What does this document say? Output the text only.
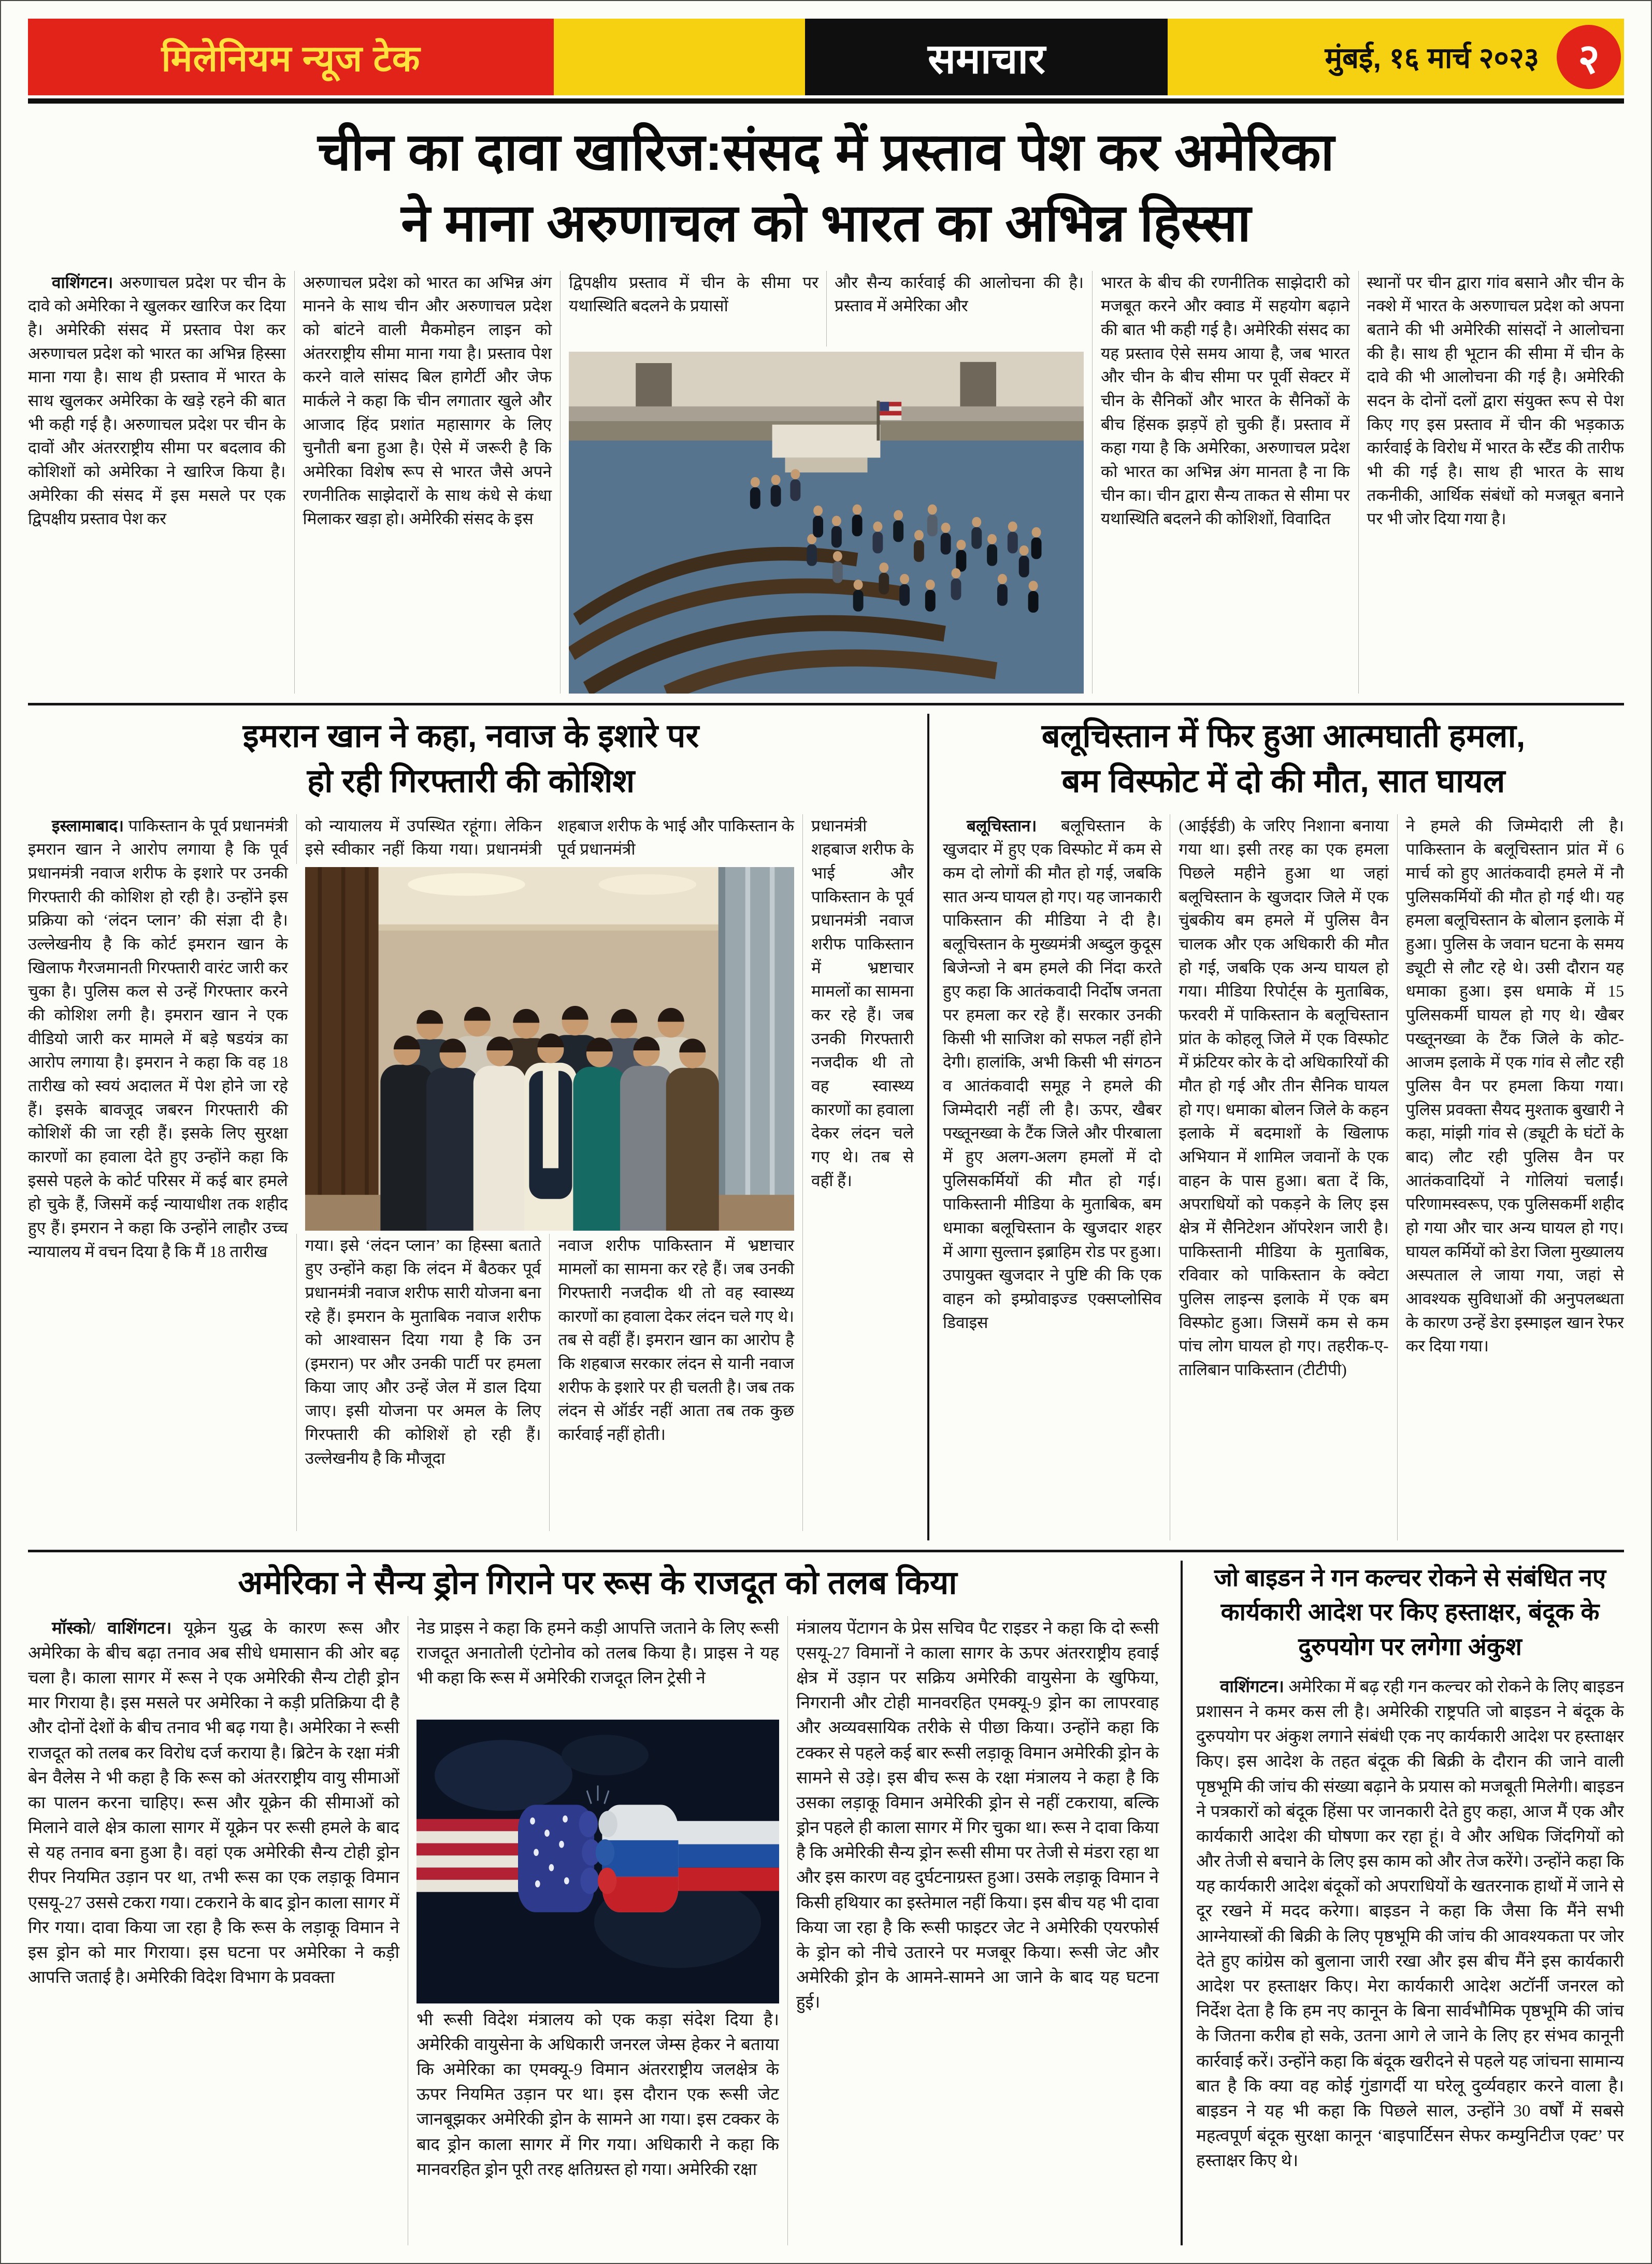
मिलेनियम न्यूज टेक	समाचार	मुंबई, १६ मार्च २०२३ २
चीन का दावा खारिज:संसद में प्रस्ताव पेश कर अमेरिका
ने माना अरुणाचल को भारत का अभिन्न हिस्सा

वाशिंगटन। अरुणाचल प्रदेश पर चीन के दावे को अमेरिका ने खुलकर खारिज कर दिया है। अमेरिकी संसद में प्रस्ताव पेश कर अरुणाचल प्रदेश को भारत का अभिन्न हिस्सा माना गया है। साथ ही प्रस्ताव में भारत के साथ खुलकर अमेरिका के खड़े रहने की बात भी कही गई है। अरुणाचल प्रदेश पर चीन के दावों और अंतरराष्ट्रीय सीमा पर बदलाव की कोशिशों को अमेरिका ने खारिज किया है। अमेरिका की संसद में इस मसले पर एक द्विपक्षीय प्रस्ताव पेश कर

अरुणाचल प्रदेश को भारत का अभिन्न अंग मानने के साथ चीन और अरुणाचल प्रदेश को बांटने वाली मैकमोहन लाइन को अंतरराष्ट्रीय सीमा माना गया है। प्रस्ताव पेश करने वाले सांसद बिल हागेर्टी और जेफ मार्कले ने कहा कि चीन लगातार खुले और आजाद हिंद प्रशांत महासागर के लिए चुनौती बना हुआ है। ऐसे में जरूरी है कि अमेरिका विशेष रूप से भारत जैसे अपने रणनीतिक साझेदारों के साथ कंधे से कंधा मिलाकर खड़ा हो। अमेरिकी संसद के इस
द्विपक्षीय प्रस्ताव में चीन के सीमा पर यथास्थिति बदलने के प्रयासों
और सैन्य कार्रवाई की आलोचना की है। प्रस्ताव में अमेरिका और
भारत के बीच की रणनीतिक साझेदारी को मजबूत करने और क्वाड में सहयोग बढ़ाने की बात भी कही गई है। अमेरिकी संसद का यह प्रस्ताव ऐसे समय आया है, जब भारत और चीन के बीच सीमा पर पूर्वी सेक्टर में चीन के सैनिकों और भारत के सैनिकों के बीच हिंसक झड़पें हो चुकी हैं। प्रस्ताव में कहा गया है कि अमेरिका, अरुणाचल प्रदेश को भारत का अभिन्न अंग मानता है ना कि चीन का। चीन द्वारा सैन्य ताकत से सीमा पर यथास्थिति बदलने की कोशिशों, विवादित
स्थानों पर चीन द्वारा गांव बसाने और चीन के नक्शे में भारत के अरुणाचल प्रदेश को अपना बताने की भी अमेरिकी सांसदों ने आलोचना की है। साथ ही भूटान की सीमा में चीन के दावे की भी आलोचना की गई है। अमेरिकी सदन के दोनों दलों द्वारा संयुक्त रूप से पेश किए गए इस प्रस्ताव में चीन की भड़काऊ कार्रवाई के विरोध में भारत के स्टैंड की तारीफ भी की गई है। साथ ही भारत के साथ तकनीकी, आर्थिक संबंधों को मजबूत बनाने पर भी जोर दिया गया है।
इमरान खान ने कहा, नवाज के इशारे पर
हो रही गिरफ्तारी की कोशिश

इस्लामाबाद। पाकिस्तान के पूर्व प्रधानमंत्री इमरान खान ने आरोप लगाया है कि पूर्व प्रधानमंत्री नवाज शरीफ के इशारे पर उनकी गिरफ्तारी की कोशिश हो रही है। उन्होंने इस प्रक्रिया को ‘लंदन प्लान’ की संज्ञा दी है। उल्लेखनीय है कि कोर्ट इमरान खान के खिलाफ गैरजमानती गिरफ्तारी वारंट जारी कर चुका है। पुलिस कल से उन्हें गिरफ्तार करने की कोशिश लगी है। इमरान खान ने एक वीडियो जारी कर मामले में बड़े षडयंत्र का आरोप लगाया है। इमरान ने कहा कि वह 18 तारीख को स्वयं अदालत में पेश होने जा रहे हैं। इसके बावजूद जबरन गिरफ्तारी की कोशिशें की जा रही हैं। इसके लिए सुरक्षा कारणों का हवाला देते हुए उन्होंने कहा कि इससे पहले के कोर्ट परिसर में कई बार हमले हो चुके हैं, जिसमें कई न्यायाधीश तक शहीद हुए हैं। इमरान ने कहा कि उन्होंने लाहौर उच्च न्यायालय में वचन दिया है कि मैं 18 तारीख

को न्यायालय में उपस्थित रहूंगा। लेकिन इसे स्वीकार नहीं किया गया। प्रधानमंत्री शहबाज शरीफ के भाई और पाकिस्तान के पूर्व प्रधानमंत्री
गया। इसे ‘लंदन प्लान’ का हिस्सा बताते हुए उन्होंने कहा कि लंदन में बैठकर पूर्व प्रधानमंत्री नवाज शरीफ सारी योजना बना रहे हैं। इमरान के मुताबिक नवाज शरीफ को आश्वासन दिया गया है कि उन (इमरान) पर और उनकी पार्टी पर हमला किया जाए और उन्हें जेल में डाल दिया जाए। इसी योजना पर अमल के लिए गिरफ्तारी की कोशिशें हो रही हैं। उल्लेखनीय है कि मौजूदा
नवाज शरीफ पाकिस्तान में भ्रष्टाचार मामलों का सामना कर रहे हैं। जब उनकी गिरफ्तारी नजदीक थी तो वह स्वास्थ्य कारणों का हवाला देकर लंदन चले गए थे। तब से वहीं हैं। इमरान खान का आरोप है कि शहबाज सरकार लंदन से यानी नवाज शरीफ के इशारे पर ही चलती है। जब तक लंदन से ऑर्डर नहीं आता तब तक कुछ कार्रवाई नहीं होती।
प्रधानमंत्री शहबाज शरीफ के भाई और पाकिस्तान के पूर्व प्रधानमंत्री नवाज शरीफ पाकिस्तान में भ्रष्टाचार मामलों का सामना कर रहे हैं। जब उनकी गिरफ्तारी नजदीक थी तो वह स्वास्थ्य कारणों का हवाला देकर लंदन चले गए थे। तब से वहीं हैं।
बलूचिस्तान में फिर हुआ आत्मघाती हमला,
बम विस्फोट में दो की मौत, सात घायल

बलूचिस्तान। बलूचिस्तान के खुजदार में हुए एक विस्फोट में कम से कम दो लोगों की मौत हो गई, जबकि सात अन्य घायल हो गए। यह जानकारी पाकिस्तान की मीडिया ने दी है। बलूचिस्तान के मुख्यमंत्री अब्दुल कुदूस बिजेन्जो ने बम हमले की निंदा करते हुए कहा कि आतंकवादी निर्दोष जनता पर हमला कर रहे हैं। सरकार उनकी किसी भी साजिश को सफल नहीं होने देगी। हालांकि, अभी किसी भी संगठन व आतंकवादी समूह ने हमले की जिम्मेदारी नहीं ली है। ऊपर, खैबर पख्तूनख्वा के टैंक जिले और पीरबाला में हुए अलग-अलग हमलों में दो पुलिसकर्मियों की मौत हो गई। पाकिस्तानी मीडिया के मुताबिक, बम धमाका बलूचिस्तान के खुजदार शहर में आगा सुल्तान इब्राहिम रोड पर हुआ। उपायुक्त खुजदार ने पुष्टि की कि एक वाहन को इम्प्रोवाइज्ड एक्सप्लोसिव डिवाइस

(आईईडी) के जरिए निशाना बनाया गया था। इसी तरह का एक हमला पिछले महीने हुआ था जहां बलूचिस्तान के खुजदार जिले में एक चुंबकीय बम हमले में पुलिस वैन चालक और एक अधिकारी की मौत हो गई, जबकि एक अन्य घायल हो गया। मीडिया रिपोर्ट्स के मुताबिक, फरवरी में पाकिस्तान के बलूचिस्तान प्रांत के कोहलू जिले में एक विस्फोट में फ्रंटियर कोर के दो अधिकारियों की मौत हो गई और तीन सैनिक घायल हो गए। धमाका बोलन जिले के कहन इलाके में बदमाशों के खिलाफ अभियान में शामिल जवानों के एक वाहन के पास हुआ। बता दें कि, अपराधियों को पकड़ने के लिए इस क्षेत्र में सैनिटेशन ऑपरेशन जारी है। पाकिस्तानी मीडिया के मुताबिक, रविवार को पाकिस्तान के क्वेटा पुलिस लाइन्स इलाके में एक बम विस्फोट हुआ। जिसमें कम से कम पांच लोग घायल हो गए। तहरीक-ए-तालिबान पाकिस्तान (टीटीपी)
ने हमले की जिम्मेदारी ली है। पाकिस्तान के बलूचिस्तान प्रांत में 6 मार्च को हुए आतंकवादी हमले में नौ पुलिसकर्मियों की मौत हो गई थी। यह हमला बलूचिस्तान के बोलान इलाके में हुआ। पुलिस के जवान घटना के समय ड्यूटी से लौट रहे थे। उसी दौरान यह धमाका हुआ। इस धमाके में 15 पुलिसकर्मी घायल हो गए थे। खैबर पख्तूनख्वा के टैंक जिले के कोट-आजम इलाके में एक गांव से लौट रही पुलिस वैन पर हमला किया गया। पुलिस प्रवक्ता सैयद मुश्ताक बुखारी ने कहा, मांझी गांव से (ड्यूटी के घंटों के बाद) लौट रही पुलिस वैन पर आतंकवादियों ने गोलियां चलाईं। परिणामस्वरूप, एक पुलिसकर्मी शहीद हो गया और चार अन्य घायल हो गए। घायल कर्मियों को डेरा जिला मुख्यालय अस्पताल ले जाया गया, जहां से आवश्यक सुविधाओं की अनुपलब्धता के कारण उन्हें डेरा इस्माइल खान रेफर कर दिया गया।
अमेरिका ने सैन्य ड्रोन गिराने पर रूस के राजदूत को तलब किया

मॉस्को/ वाशिंगटन। यूक्रेन युद्ध के कारण रूस और अमेरिका के बीच बढ़ा तनाव अब सीधे धमासान की ओर बढ़ चला है। काला सागर में रूस ने एक अमेरिकी सैन्य टोही ड्रोन मार गिराया है। इस मसले पर अमेरिका ने कड़ी प्रतिक्रिया दी है और दोनों देशों के बीच तनाव भी बढ़ गया है। अमेरिका ने रूसी राजदूत को तलब कर विरोध दर्ज कराया है। ब्रिटेन के रक्षा मंत्री बेन वैलेस ने भी कहा है कि रूस को अंतरराष्ट्रीय वायु सीमाओं का पालन करना चाहिए। रूस और यूक्रेन की सीमाओं को मिलाने वाले क्षेत्र काला सागर में यूक्रेन पर रूसी हमले के बाद से यह तनाव बना हुआ है। वहां एक अमेरिकी सैन्य टोही ड्रोन रीपर नियमित उड़ान पर था, तभी रूस का एक लड़ाकू विमान एसयू-27 उससे टकरा गया। टकराने के बाद ड्रोन काला सागर में गिर गया। दावा किया जा रहा है कि रूस के लड़ाकू विमान ने इस ड्रोन को मार गिराया। इस घटना पर अमेरिका ने कड़ी आपत्ति जताई है। अमेरिकी विदेश विभाग के प्रवक्ता

नेड प्राइस ने कहा कि हमने कड़ी आपत्ति जताने के लिए रूसी राजदूत अनातोली एंटोनोव को तलब किया है। प्राइस ने यह भी कहा कि रूस में अमेरिकी राजदूत लिन ट्रेसी ने
भी रूसी विदेश मंत्रालय को एक कड़ा संदेश दिया है। अमेरिकी वायुसेना के अधिकारी जनरल जेम्स हेकर ने बताया कि अमेरिका का एमक्यू-9 विमान अंतरराष्ट्रीय जलक्षेत्र के ऊपर नियमित उड़ान पर था। इस दौरान एक रूसी जेट जानबूझकर अमेरिकी ड्रोन के सामने आ गया। इस टक्कर के बाद ड्रोन काला सागर में गिर गया। अधिकारी ने कहा कि मानवरहित ड्रोन पूरी तरह क्षतिग्रस्त हो गया। अमेरिकी रक्षा
मंत्रालय पेंटागन के प्रेस सचिव पैट राइडर ने कहा कि दो रूसी एसयू-27 विमानों ने काला सागर के ऊपर अंतरराष्ट्रीय हवाई क्षेत्र में उड़ान पर सक्रिय अमेरिकी वायुसेना के खुफिया, निगरानी और टोही मानवरहित एमक्यू-9 ड्रोन का लापरवाह और अव्यवसायिक तरीके से पीछा किया। उन्होंने कहा कि टक्कर से पहले कई बार रूसी लड़ाकू विमान अमेरिकी ड्रोन के सामने से उड़े। इस बीच रूस के रक्षा मंत्रालय ने कहा है कि उसका लड़ाकू विमान अमेरिकी ड्रोन से नहीं टकराया, बल्कि ड्रोन पहले ही काला सागर में गिर चुका था। रूस ने दावा किया है कि अमेरिकी सैन्य ड्रोन रूसी सीमा पर तेजी से मंडरा रहा था और इस कारण वह दुर्घटनाग्रस्त हुआ। उसके लड़ाकू विमान ने किसी हथियार का इस्तेमाल नहीं किया। इस बीच यह भी दावा किया जा रहा है कि रूसी फाइटर जेट ने अमेरिकी एयरफोर्स के ड्रोन को नीचे उतारने पर मजबूर किया। रूसी जेट और अमेरिकी ड्रोन के आमने-सामने आ जाने के बाद यह घटना हुई।
जो बाइडन ने गन कल्चर रोकने से संबंधित नए कार्यकारी आदेश पर किए हस्ताक्षर, बंदूक के दुरुपयोग पर लगेगा अंकुश

वाशिंगटन। अमेरिका में बढ़ रही गन कल्चर को रोकने के लिए बाइडन प्रशासन ने कमर कस ली है। अमेरिकी राष्ट्रपति जो बाइडन ने बंदूक के दुरुपयोग पर अंकुश लगाने संबंधी एक नए कार्यकारी आदेश पर हस्ताक्षर किए। इस आदेश के तहत बंदूक की बिक्री के दौरान की जाने वाली पृष्ठभूमि की जांच की संख्या बढ़ाने के प्रयास को मजबूती मिलेगी। बाइडन ने पत्रकारों को बंदूक हिंसा पर जानकारी देते हुए कहा, आज मैं एक और कार्यकारी आदेश की घोषणा कर रहा हूं। वे और अधिक जिंदगियों को और तेजी से बचाने के लिए इस काम को और तेज करेंगे। उन्होंने कहा कि यह कार्यकारी आदेश बंदूकों को अपराधियों के खतरनाक हाथों में जाने से दूर रखने में मदद करेगा। बाइडन ने कहा कि जैसा कि मैंने सभी आग्नेयास्त्रों की बिक्री के लिए पृष्ठभूमि की जांच की आवश्यकता पर जोर देते हुए कांग्रेस को बुलाना जारी रखा और इस बीच मैंने इस कार्यकारी आदेश पर हस्ताक्षर किए। मेरा कार्यकारी आदेश अटॉर्नी जनरल को निर्देश देता है कि हम नए कानून के बिना सार्वभौमिक पृष्ठभूमि की जांच के जितना करीब हो सके, उतना आगे ले जाने के लिए हर संभव कानूनी कार्रवाई करें। उन्होंने कहा कि बंदूक खरीदने से पहले यह जांचना सामान्य बात है कि क्या वह कोई गुंडागर्दी या घरेलू दुर्व्यवहार करने वाला है। बाइडन ने यह भी कहा कि पिछले साल, उन्होंने 30 वर्षों में सबसे महत्वपूर्ण बंदूक सुरक्षा कानून ‘बाइपार्टिसन सेफर कम्युनिटीज एक्ट’ पर हस्ताक्षर किए थे।
